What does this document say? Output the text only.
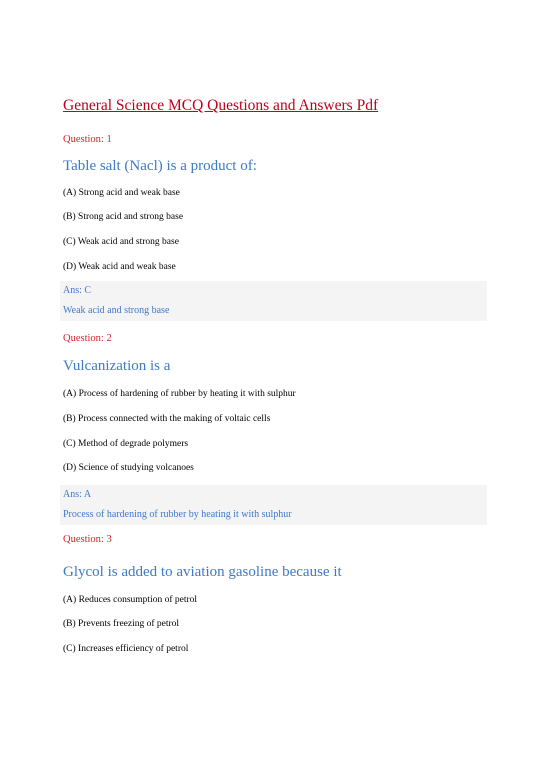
General Science MCQ Questions and Answers Pdf
Question: 1
Table salt (Nacl) is a product of:
(A) Strong acid and weak base
(B) Strong acid and strong base
(C) Weak acid and strong base
(D) Weak acid and weak base
Ans: C
Weak acid and strong base
Question: 2
Vulcanization is a
(A) Process of hardening of rubber by heating it with sulphur
(B) Process connected with the making of voltaic cells
(C) Method of degrade polymers
(D) Science of studying volcanoes
Ans: A
Process of hardening of rubber by heating it with sulphur
Question: 3
Glycol is added to aviation gasoline because it
(A) Reduces consumption of petrol
(B) Prevents freezing of petrol
(C) Increases efficiency of petrol
